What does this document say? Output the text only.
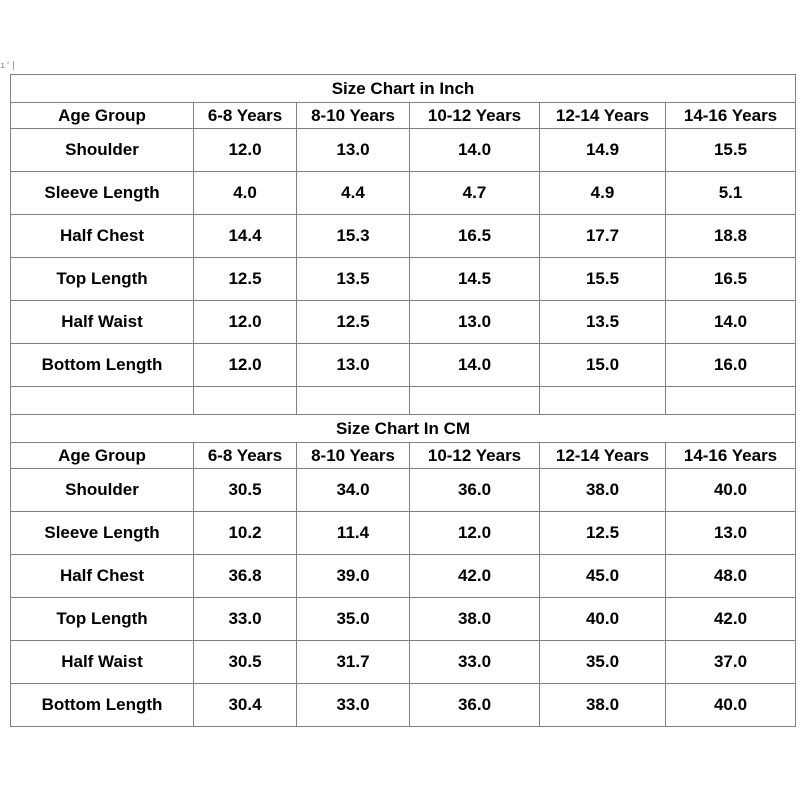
ı'|
Size Chart in Inch					
Age Group	6-8 Years	8-10 Years	10-12 Years	12-14 Years	14-16 Years
Shoulder	12.0	13.0	14.0	14.9	15.5
Sleeve Length	4.0	4.4	4.7	4.9	5.1
Half Chest	14.4	15.3	16.5	17.7	18.8
Top Length	12.5	13.5	14.5	15.5	16.5
Half Waist	12.0	12.5	13.0	13.5	14.0
Bottom Length	12.0	13.0	14.0	15.0	16.0

Size Chart In CM					
Age Group	6-8 Years	8-10 Years	10-12 Years	12-14 Years	14-16 Years
Shoulder	30.5	34.0	36.0	38.0	40.0
Sleeve Length	10.2	11.4	12.0	12.5	13.0
Half Chest	36.8	39.0	42.0	45.0	48.0
Top Length	33.0	35.0	38.0	40.0	42.0
Half Waist	30.5	31.7	33.0	35.0	37.0
Bottom Length	30.4	33.0	36.0	38.0	40.0
